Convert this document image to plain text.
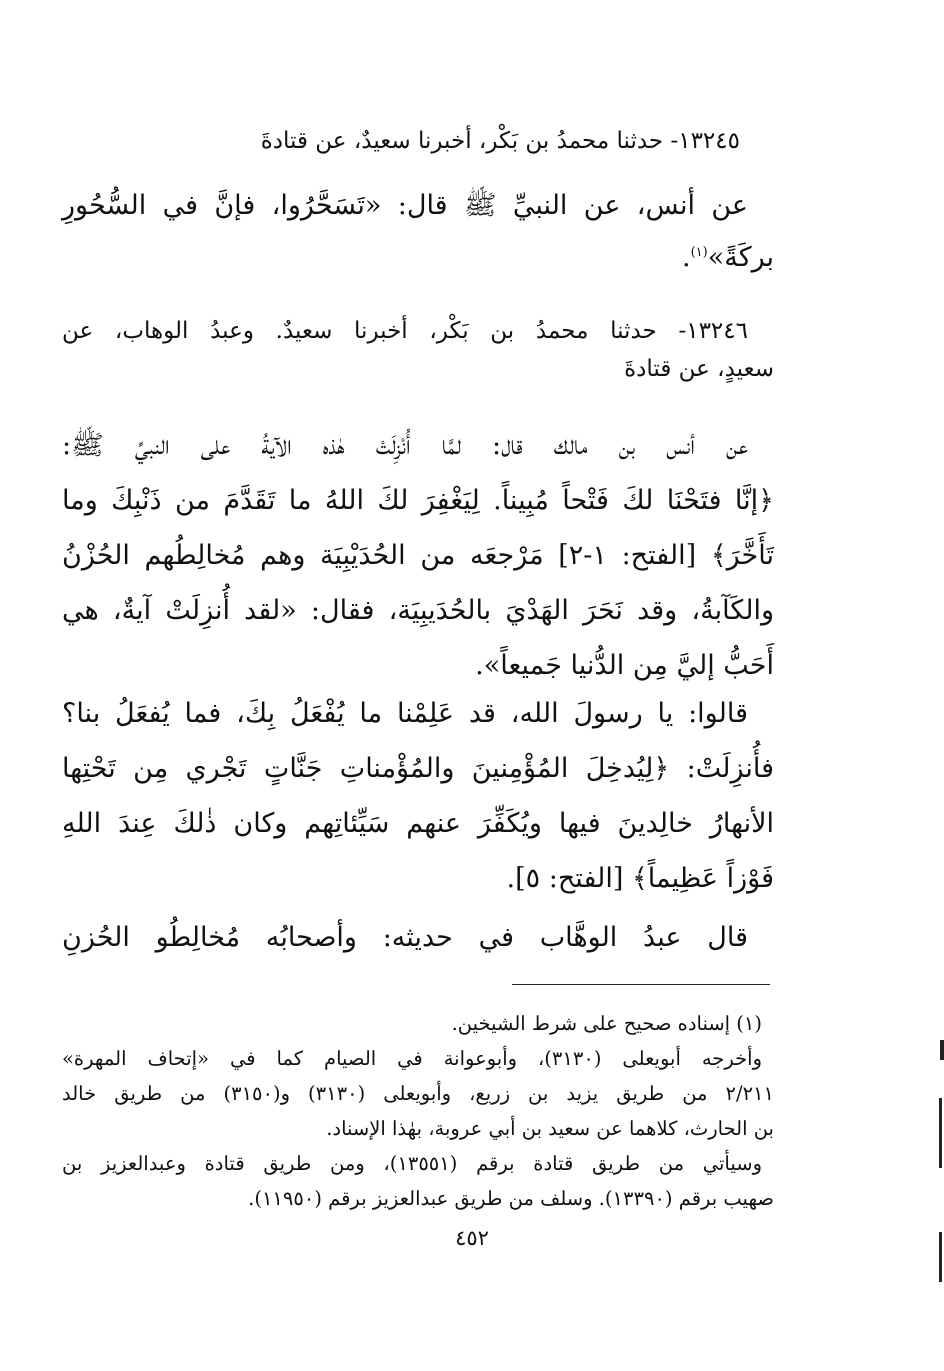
١٣٢٤٥- حدثنا محمدُ بن بَكْر، أخبرنا سعيدٌ، عن قتادةَ
عن أنس، عن النبيِّ ﷺ قال: «تَسَحَّرُوا، فإنَّ في السُّحُورِ
بركَةً»$^{(١)}$.
١٣٢٤٦- حدثنا محمدُ بن بَكْر، أخبرنا سعيدٌ. وعبدُ الوهاب، عن
سعيدٍ، عن قتادةَ
عن أنس بن مالك قال: لمَّا أُنْزِلَتْ هٰذه الآيةُ على النبيِّ ﷺ:
﴿إنَّا فتَحْنَا لكَ فَتْحاً مُبِيناً. لِيَغْفِرَ لكَ اللهُ ما تَقَدَّمَ من ذَنْبِكَ وما
تَأَخَّرَ﴾ [الفتح: ١-٢] مَرْجعَه من الحُدَيْبِيَة وهم مُخالِطُهم الحُزْنُ
والكَآبةُ، وقد نَحَرَ الهَدْيَ بالحُدَيبِيَة، فقال: «لقد أُنزِلَتْ آيةٌ، هي
أَحَبُّ إليَّ مِن الدُّنيا جَميعاً».
قالوا: يا رسولَ الله، قد عَلِمْنا ما يُفْعَلُ بِكَ، فما يُفعَلُ بنا؟
فأُنزِلَتْ: ﴿لِيُدخِلَ المُؤْمِنينَ والمُؤْمناتِ جَنَّاتٍ تَجْري مِن تَحْتِها
الأنهارُ خالِدينَ فيها ويُكَفِّرَ عنهم سَيِّئاتِهم وكان ذٰلكَ عِندَ اللهِ
فَوْزاً عَظِيماً﴾ [الفتح: ٥].
قال عبدُ الوهَّاب في حديثه: وأصحابُه مُخالِطُو الحُزنِ
(١) إسناده صحيح على شرط الشيخين.
وأخرجه أبويعلى (٣١٣٠)، وأبوعوانة في الصيام كما في «إتحاف المهرة»
٢/٢١١ من طريق يزيد بن زريع، وأبويعلى (٣١٣٠) و(٣١٥٠) من طريق خالد
بن الحارث، كلاهما عن سعيد بن أبي عروبة، بهٰذا الإسناد.
وسيأتي من طريق قتادة برقم (١٣٥٥١)، ومن طريق قتادة وعبدالعزيز بن
صهيب برقم (١٣٣٩٠). وسلف من طريق عبدالعزيز برقم (١١٩٥٠).
٤٥٢
